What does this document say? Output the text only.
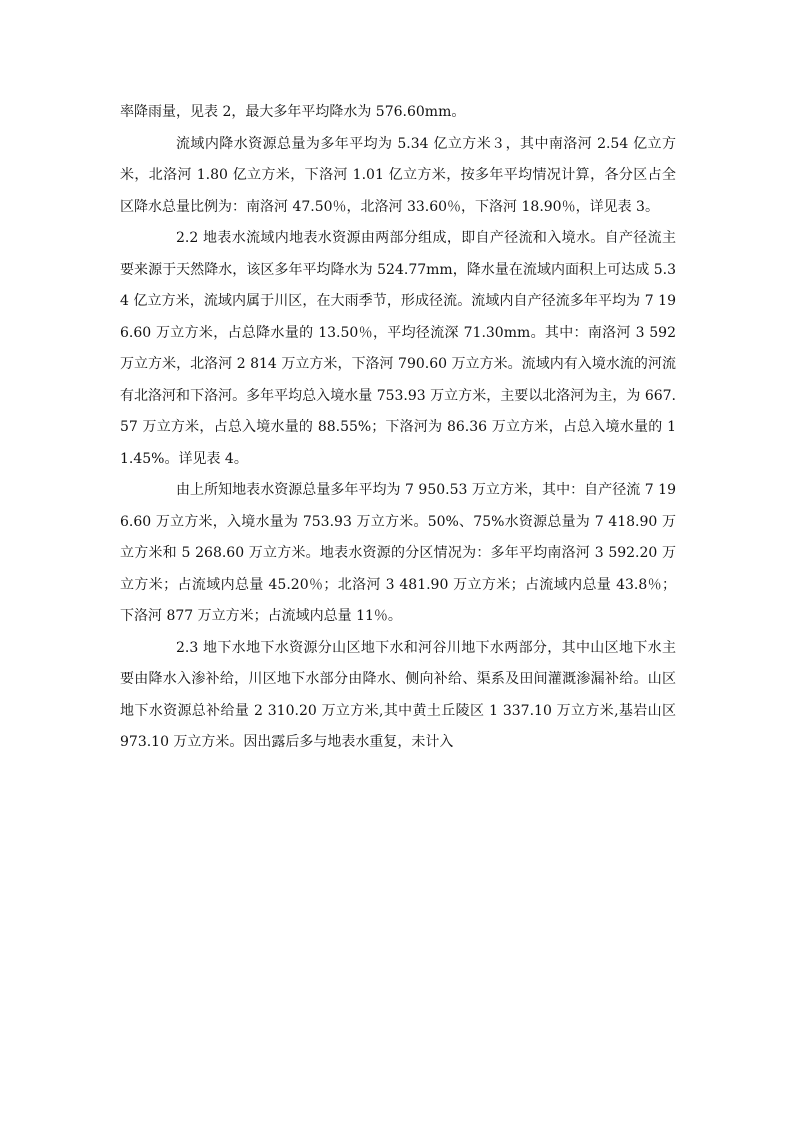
率降雨量，见表 2，最大多年平均降水为 576.60mm。

流域内降水资源总量为多年平均为 5.34 亿立方米３，其中南洛河 2.54 亿立方米，北洛河 1.80 亿立方米，下洛河 1.01 亿立方米，按多年平均情况计算，各分区占全区降水总量比例为：南洛河 47.50％，北洛河 33.60％，下洛河 18.90％，详见表 3。

2.2 地表水流域内地表水资源由两部分组成，即自产径流和入境水。自产径流主要来源于天然降水，该区多年平均降水为 524.77mm，降水量在流域内面积上可达成 5.34 亿立方米，流域内属于川区，在大雨季节，形成径流。流域内自产径流多年平均为 7 196.60 万立方米，占总降水量的 13.50％，平均径流深 71.30mm。其中：南洛河 3 592 万立方米，北洛河 2 814 万立方米，下洛河 790.60 万立方米。流域内有入境水流的河流有北洛河和下洛河。多年平均总入境水量 753.93 万立方米，主要以北洛河为主，为 667.57 万立方米，占总入境水量的 88.55%；下洛河为 86.36 万立方米，占总入境水量的 11.45%。详见表 4。

由上所知地表水资源总量多年平均为 7 950.53 万立方米，其中：自产径流 7 196.60 万立方米，入境水量为 753.93 万立方米。50%、75%水资源总量为 7 418.90 万立方米和 5 268.60 万立方米。地表水资源的分区情况为：多年平均南洛河 3 592.20 万立方米；占流域内总量 45.20％；北洛河 3 481.90 万立方米；占流域内总量 43.8％；下洛河 877 万立方米；占流域内总量 11％。

2.3 地下水地下水资源分山区地下水和河谷川地下水两部分，其中山区地下水主要由降水入渗补给，川区地下水部分由降水、侧向补给、渠系及田间灌溉渗漏补给。山区地下水资源总补给量 2 310.20 万立方米,其中黄土丘陵区 1 337.10 万立方米,基岩山区 973.10 万立方米。因出露后多与地表水重复，未计入
